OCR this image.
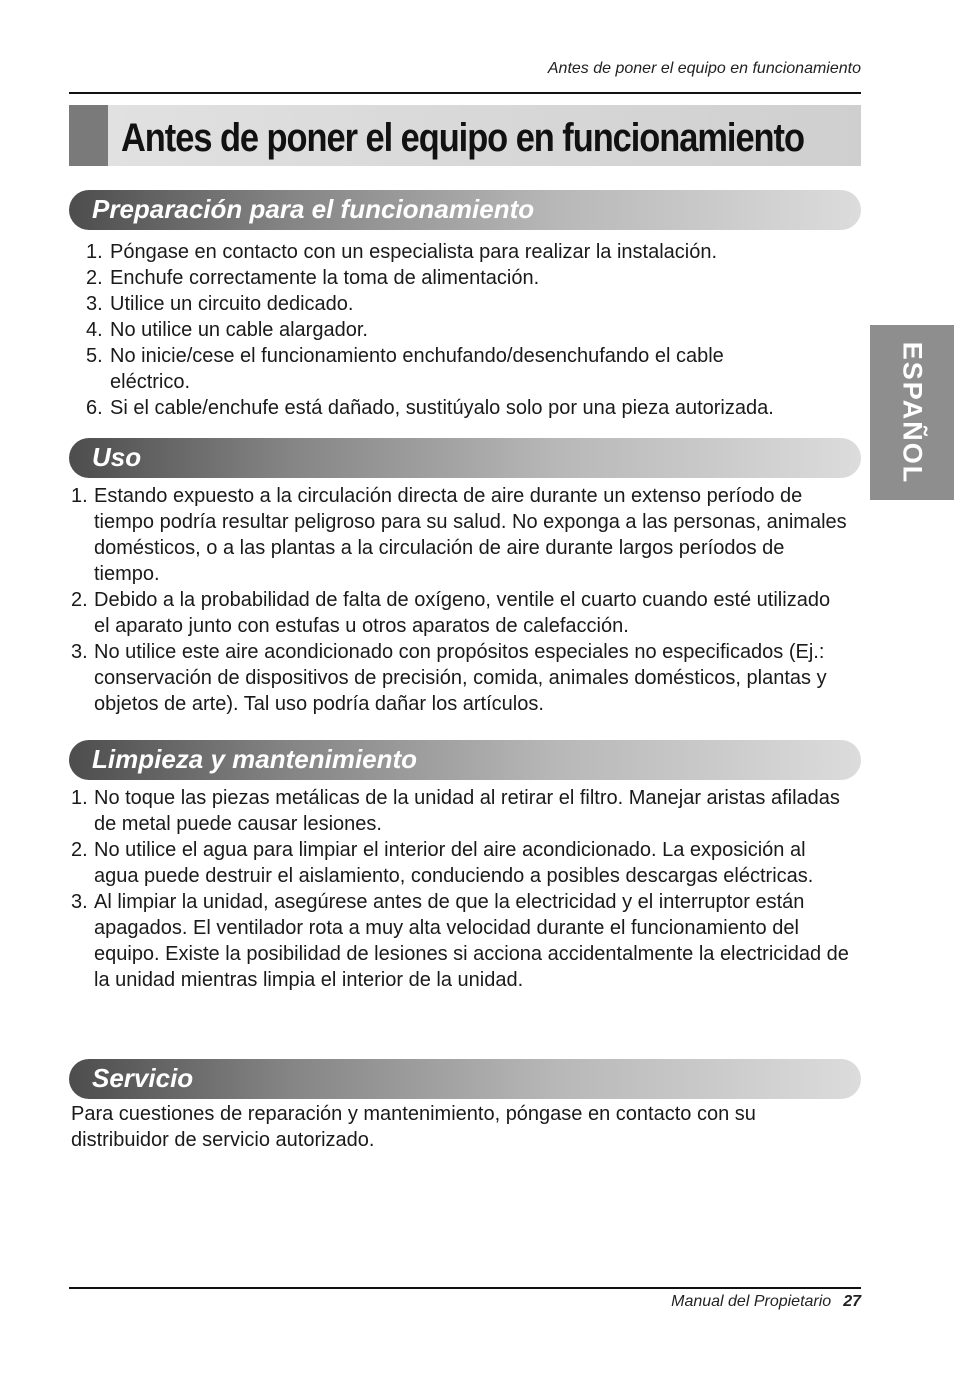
Antes de poner el equipo en funcionamiento
Antes de poner el equipo en funcionamiento
ESPAÑOL
Preparación para el funcionamiento
1. Póngase en contacto con un especialista para realizar la instalación.
2. Enchufe correctamente la toma de alimentación.
3. Utilice un circuito dedicado.
4. No utilice un cable alargador.
5. No inicie/cese el funcionamiento enchufando/desenchufando el cable eléctrico.
6. Si el cable/enchufe está dañado, sustitúyalo solo por una pieza autorizada.
Uso
1. Estando expuesto a la circulación directa de aire durante un extenso período de tiempo podría resultar peligroso para su salud. No exponga a las personas, animales domésticos, o a las plantas a la circulación de aire durante largos períodos de tiempo.
2. Debido a la probabilidad de falta de oxígeno, ventile el cuarto cuando esté utilizado el aparato junto con estufas u otros aparatos de calefacción.
3. No utilice este aire acondicionado con propósitos especiales no especificados (Ej.: conservación de dispositivos de precisión, comida, animales domésticos, plantas y objetos de arte). Tal uso podría dañar los artículos.
Limpieza y mantenimiento
1. No toque las piezas metálicas de la unidad al retirar el filtro. Manejar aristas afiladas de metal puede causar lesiones.
2. No utilice el agua para limpiar el interior del aire acondicionado. La exposición al agua puede destruir el aislamiento, conduciendo a posibles descargas eléctricas.
3. Al limpiar la unidad, asegúrese antes de que la electricidad y el interruptor están apagados. El ventilador rota a muy alta velocidad durante el funcionamiento del equipo. Existe la posibilidad de lesiones si acciona accidentalmente la electricidad de la unidad mientras limpia el interior de la unidad.
Servicio

Para cuestiones de reparación y mantenimiento, póngase en contacto con su distribuidor de servicio autorizado.

Manual del Propietario 27
